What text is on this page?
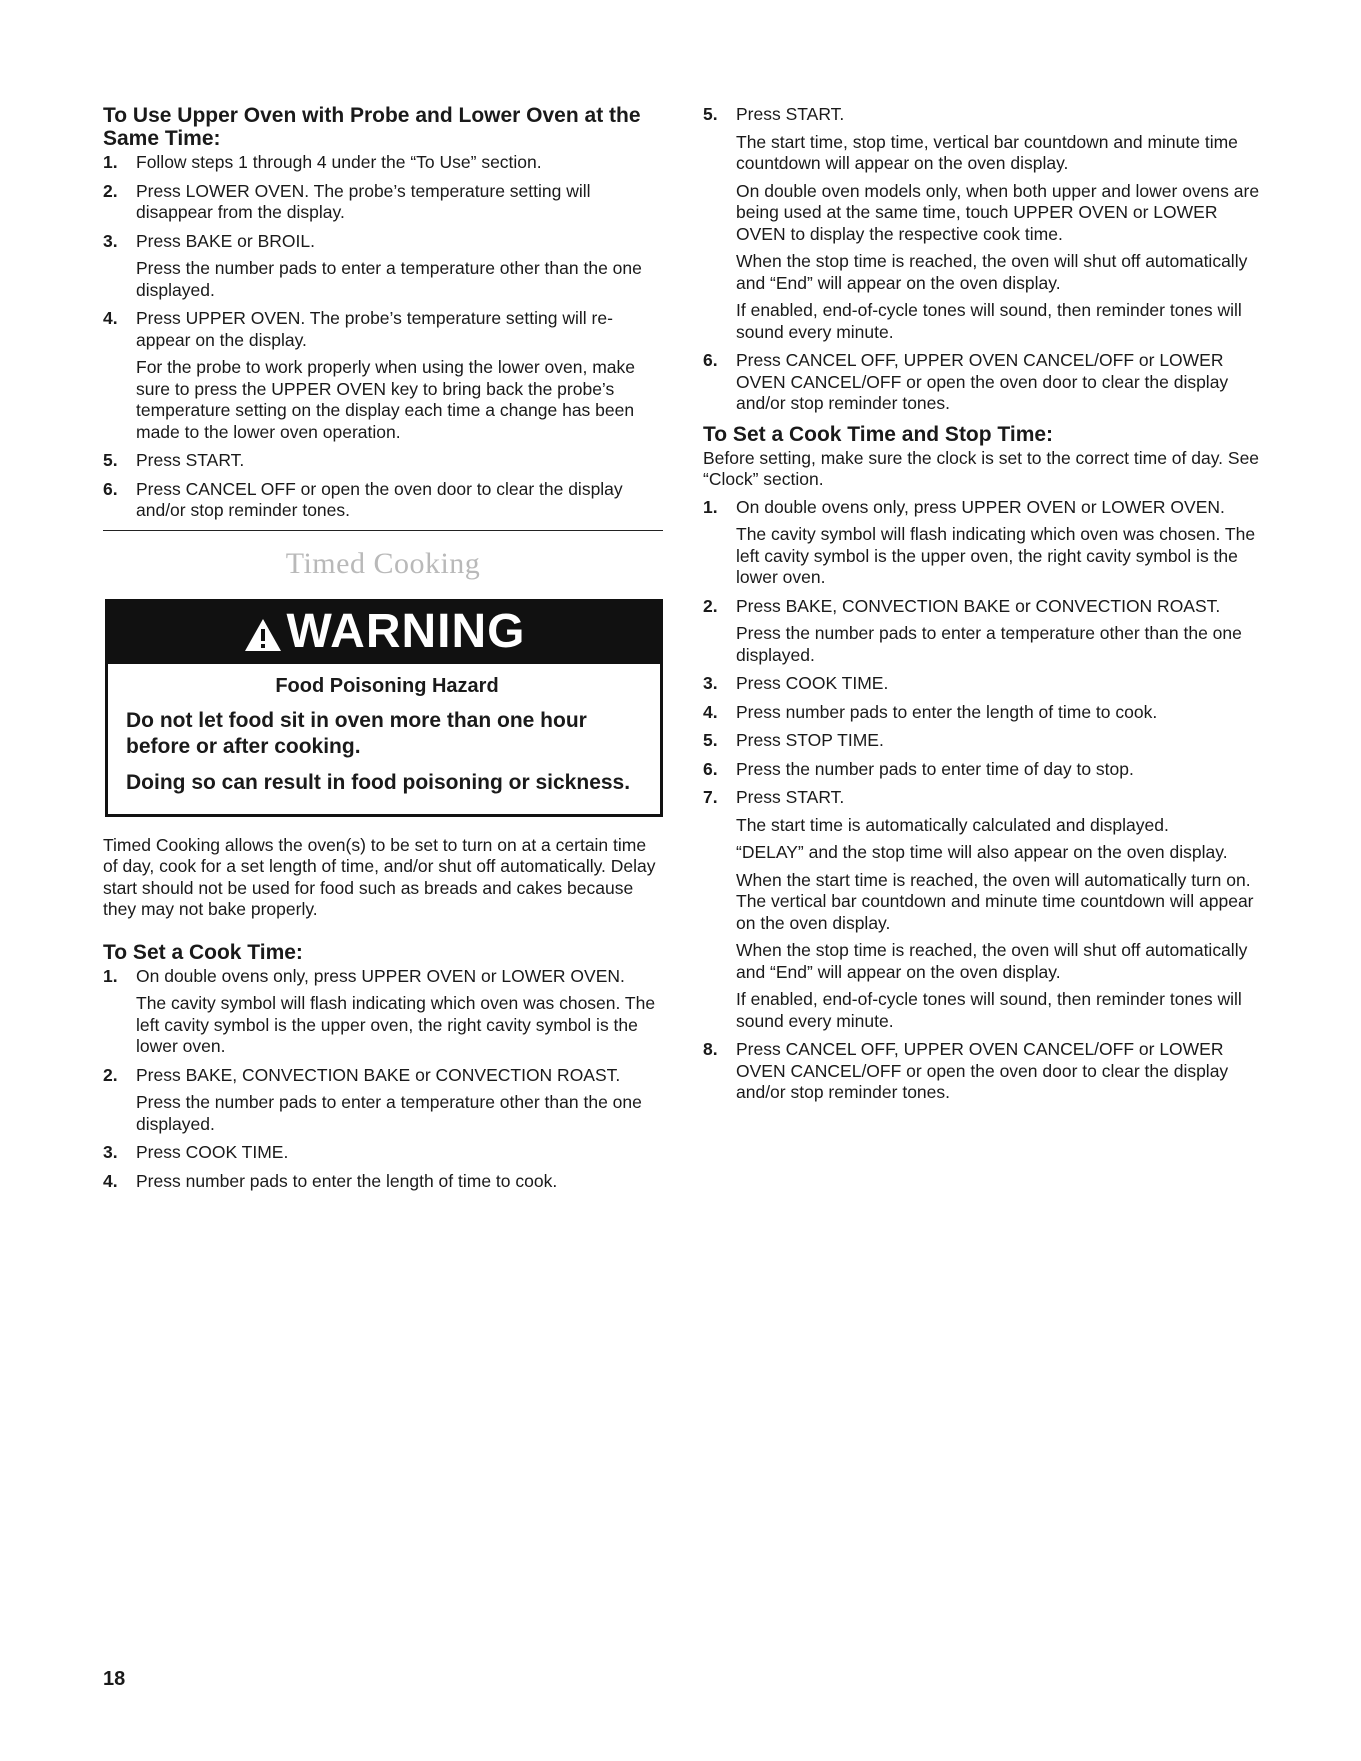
To Use Upper Oven with Probe and Lower Oven at the Same Time:
1. Follow steps 1 through 4 under the “To Use” section.

2. Press LOWER OVEN. The probe’s temperature setting will disappear from the display.

3. Press BAKE or BROIL.

Press the number pads to enter a temperature other than the one displayed.

4. Press UPPER OVEN. The probe’s temperature setting will re-appear on the display.

For the probe to work properly when using the lower oven, make sure to press the UPPER OVEN key to bring back the probe’s temperature setting on the display each time a change has been made to the lower oven operation.

5. Press START.

6. Press CANCEL OFF or open the oven door to clear the display and/or stop reminder tones.

Timed Cooking
WARNING
Food Poisoning Hazard
Do not let food sit in oven more than one hour before or after cooking.
Doing so can result in food poisoning or sickness.
Timed Cooking allows the oven(s) to be set to turn on at a certain time of day, cook for a set length of time, and/or shut off automatically. Delay start should not be used for food such as breads and cakes because they may not bake properly.
To Set a Cook Time:
1. On double ovens only, press UPPER OVEN or LOWER OVEN.

The cavity symbol will flash indicating which oven was chosen. The left cavity symbol is the upper oven, the right cavity symbol is the lower oven.

2. Press BAKE, CONVECTION BAKE or CONVECTION ROAST.

Press the number pads to enter a temperature other than the one displayed.

3. Press COOK TIME.

4. Press number pads to enter the length of time to cook.

5. Press START.

The start time, stop time, vertical bar countdown and minute time countdown will appear on the oven display.

On double oven models only, when both upper and lower ovens are being used at the same time, touch UPPER OVEN or LOWER OVEN to display the respective cook time.

When the stop time is reached, the oven will shut off automatically and “End” will appear on the oven display.

If enabled, end-of-cycle tones will sound, then reminder tones will sound every minute.

6. Press CANCEL OFF, UPPER OVEN CANCEL/OFF or LOWER OVEN CANCEL/OFF or open the oven door to clear the display and/or stop reminder tones.

To Set a Cook Time and Stop Time:
Before setting, make sure the clock is set to the correct time of day. See “Clock” section.
1. On double ovens only, press UPPER OVEN or LOWER OVEN.

The cavity symbol will flash indicating which oven was chosen. The left cavity symbol is the upper oven, the right cavity symbol is the lower oven.

2. Press BAKE, CONVECTION BAKE or CONVECTION ROAST.

Press the number pads to enter a temperature other than the one displayed.

3. Press COOK TIME.

4. Press number pads to enter the length of time to cook.

5. Press STOP TIME.

6. Press the number pads to enter time of day to stop.

7. Press START.

The start time is automatically calculated and displayed.

“DELAY” and the stop time will also appear on the oven display.

When the start time is reached, the oven will automatically turn on. The vertical bar countdown and minute time countdown will appear on the oven display.

When the stop time is reached, the oven will shut off automatically and “End” will appear on the oven display.

If enabled, end-of-cycle tones will sound, then reminder tones will sound every minute.

8. Press CANCEL OFF, UPPER OVEN CANCEL/OFF or LOWER OVEN CANCEL/OFF or open the oven door to clear the display and/or stop reminder tones.

18
